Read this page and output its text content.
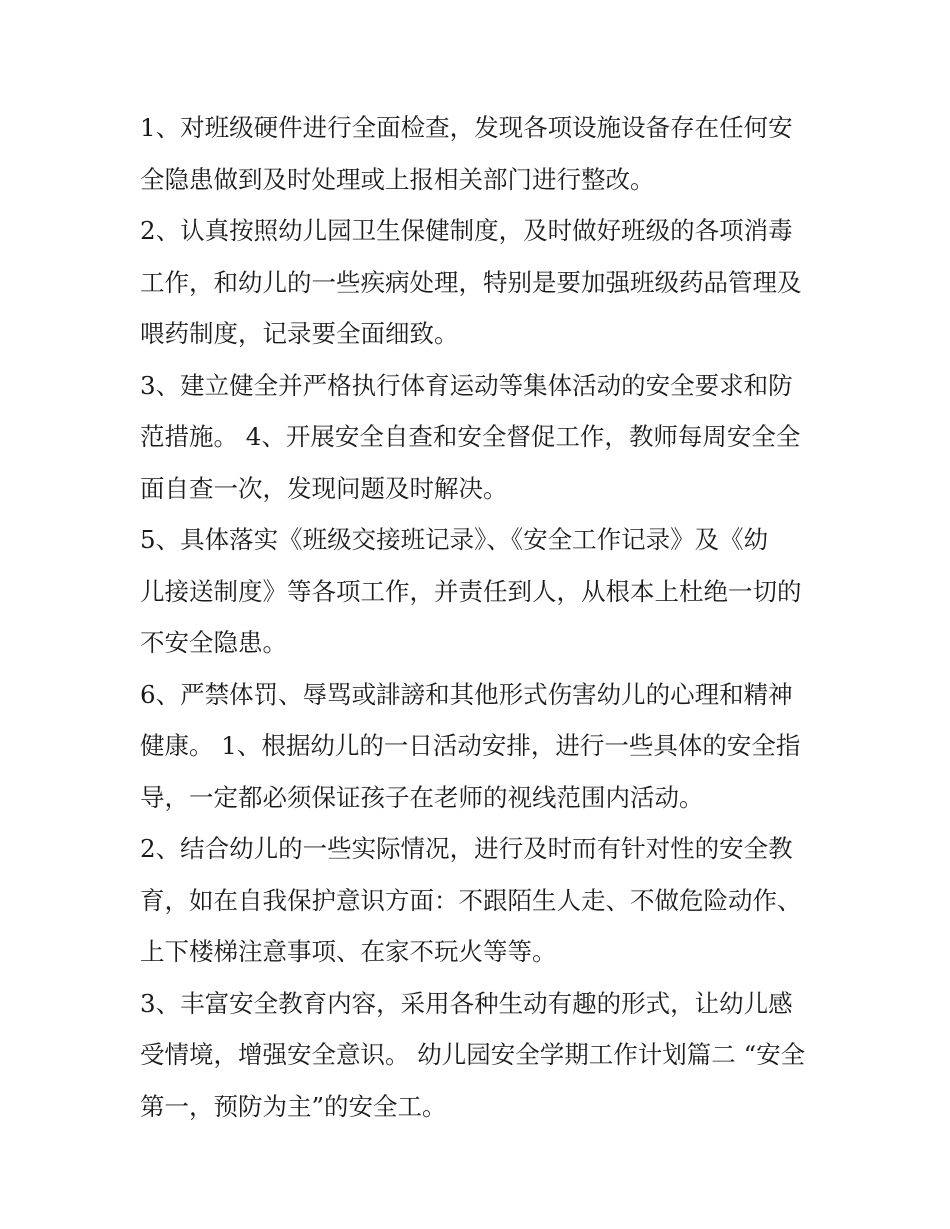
1、对班级硬件进行全面检查，发现各项设施设备存在任何安
全隐患做到及时处理或上报相关部门进行整改。
2、认真按照幼儿园卫生保健制度，及时做好班级的各项消毒
工作，和幼儿的一些疾病处理，特别是要加强班级药品管理及
喂药制度，记录要全面细致。
3、建立健全并严格执行体育运动等集体活动的安全要求和防
范措施。 4、开展安全自查和安全督促工作，教师每周安全全
面自查一次，发现问题及时解决。
5、具体落实《班级交接班记录》、《安全工作记录》及《幼
儿接送制度》等各项工作，并责任到人，从根本上杜绝一切的
不安全隐患。
6、严禁体罚、辱骂或誹謗和其他形式伤害幼儿的心理和精神
健康。 1、根据幼儿的一日活动安排，进行一些具体的安全指
导，一定都必须保证孩子在老师的视线范围内活动。
2、结合幼儿的一些实际情况，进行及时而有针对性的安全教
育，如在自我保护意识方面：不跟陌生人走、不做危险动作、
上下楼梯注意事项、在家不玩火等等。
3、丰富安全教育内容，采用各种生动有趣的形式，让幼儿感
受情境，增强安全意识。 幼儿园安全学期工作计划篇二 “安全
第一，预防为主”的安全工。
